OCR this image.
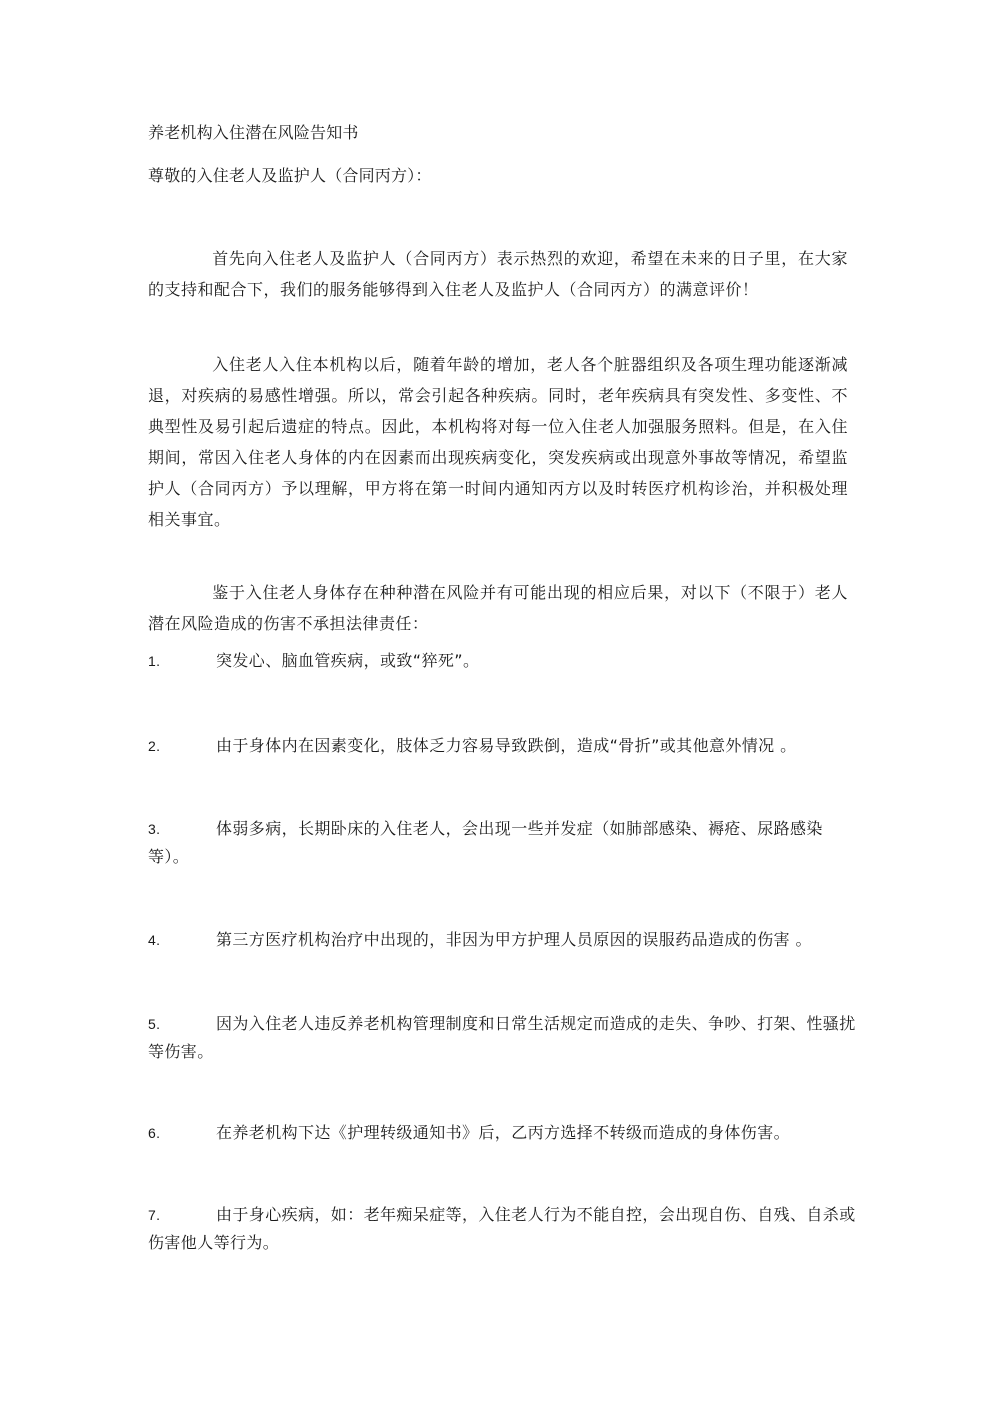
养老机构入住潜在风险告知书

尊敬的入住老人及监护人（合同丙方）：

首先向入住老人及监护人（合同丙方）表示热烈的欢迎，希望在未来的日子里，在大家的支持和配合下，我们的服务能够得到入住老人及监护人（合同丙方）的满意评价！

入住老人入住本机构以后，随着年龄的增加，老人各个脏器组织及各项生理功能逐渐减退，对疾病的易感性增强。所以，常会引起各种疾病。同时，老年疾病具有突发性、多变性、不典型性及易引起后遗症的特点。因此，本机构将对每一位入住老人加强服务照料。但是，在入住期间，常因入住老人身体的内在因素而出现疾病变化，突发疾病或出现意外事故等情况，希望监护人（合同丙方）予以理解，甲方将在第一时间内通知丙方以及时转医疗机构诊治，并积极处理相关事宜。

鉴于入住老人身体存在种种潜在风险并有可能出现的相应后果，对以下（不限于）老人潜在风险造成的伤害不承担法律责任：

1.	突发心、脑血管疾病，或致“猝死”。

2.	由于身体内在因素变化，肢体乏力容易导致跌倒，造成“骨折”或其他意外情况 。

3.	体弱多病，长期卧床的入住老人，会出现一些并发症（如肺部感染、褥疮、尿路感染等）。

4.	第三方医疗机构治疗中出现的，非因为甲方护理人员原因的误服药品造成的伤害 。

5.	因为入住老人违反养老机构管理制度和日常生活规定而造成的走失、争吵、打架、性骚扰等伤害。

6.	在养老机构下达《护理转级通知书》后，乙丙方选择不转级而造成的身体伤害。

7.	由于身心疾病，如：老年痴呆症等，入住老人行为不能自控，会出现自伤、自残、自杀或伤害他人等行为。
